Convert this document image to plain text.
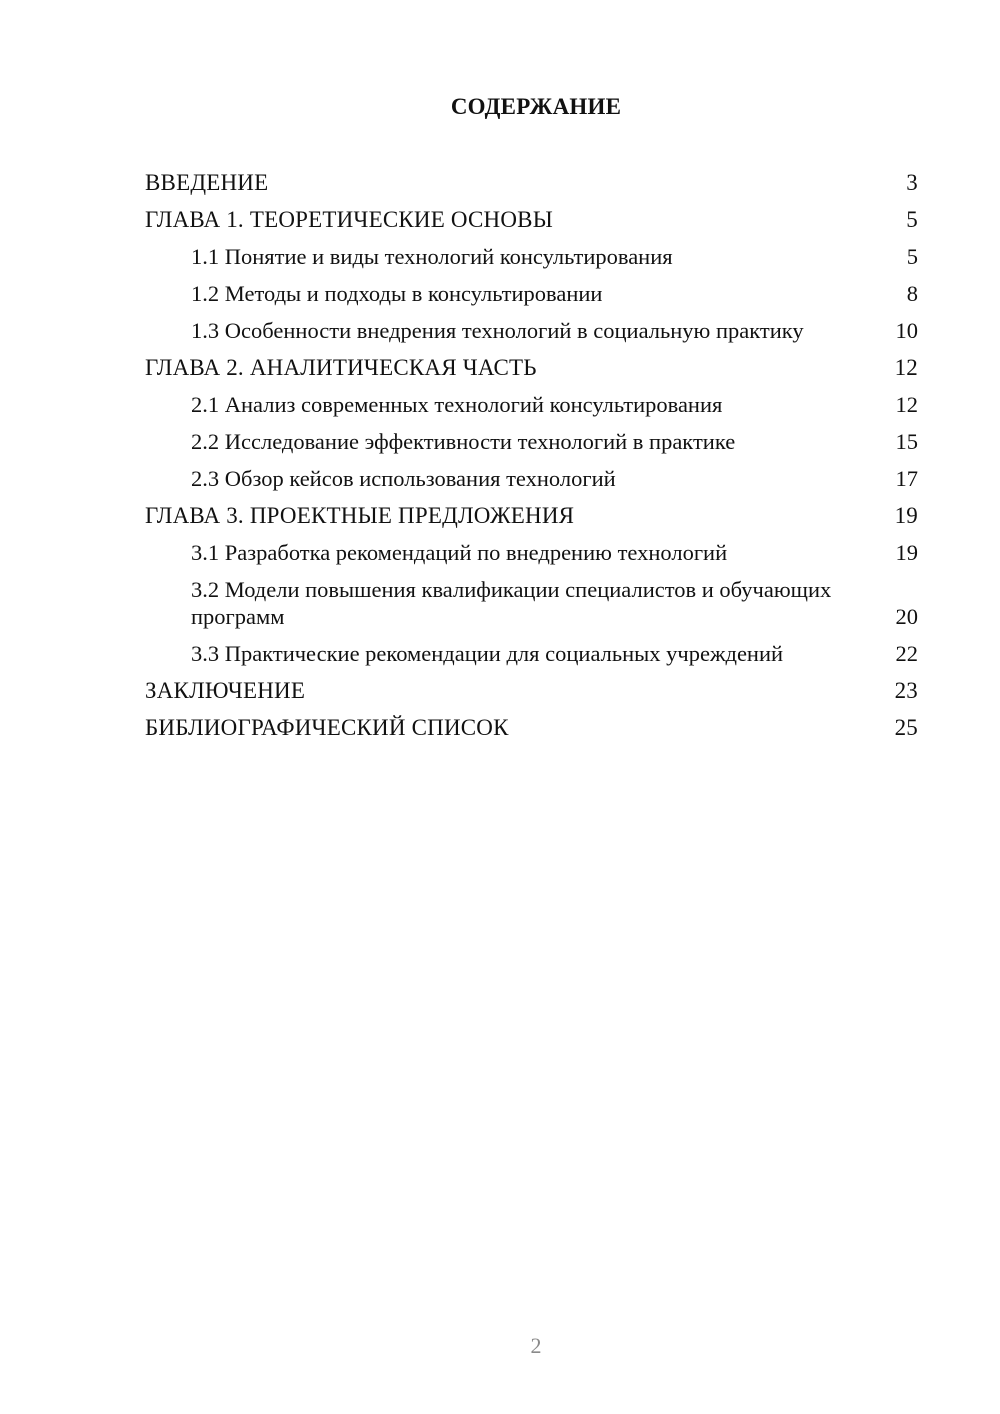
СОДЕРЖАНИЕ
ВВЕДЕНИЕ	3
ГЛАВА 1. ТЕОРЕТИЧЕСКИЕ ОСНОВЫ	5
1.1 Понятие и виды технологий консультирования	5
1.2 Методы и подходы в консультировании	8
1.3 Особенности внедрения технологий в социальную практику	10
ГЛАВА 2. АНАЛИТИЧЕСКАЯ ЧАСТЬ	12
2.1 Анализ современных технологий консультирования	12
2.2 Исследование эффективности технологий в практике	15
2.3 Обзор кейсов использования технологий	17
ГЛАВА 3. ПРОЕКТНЫЕ ПРЕДЛОЖЕНИЯ	19
3.1 Разработка рекомендаций по внедрению технологий	19
3.2 Модели повышения квалификации специалистов и обучающих программ	20
3.3 Практические рекомендации для социальных учреждений	22
ЗАКЛЮЧЕНИЕ	23
БИБЛИОГРАФИЧЕСКИЙ СПИСОК	25
2
